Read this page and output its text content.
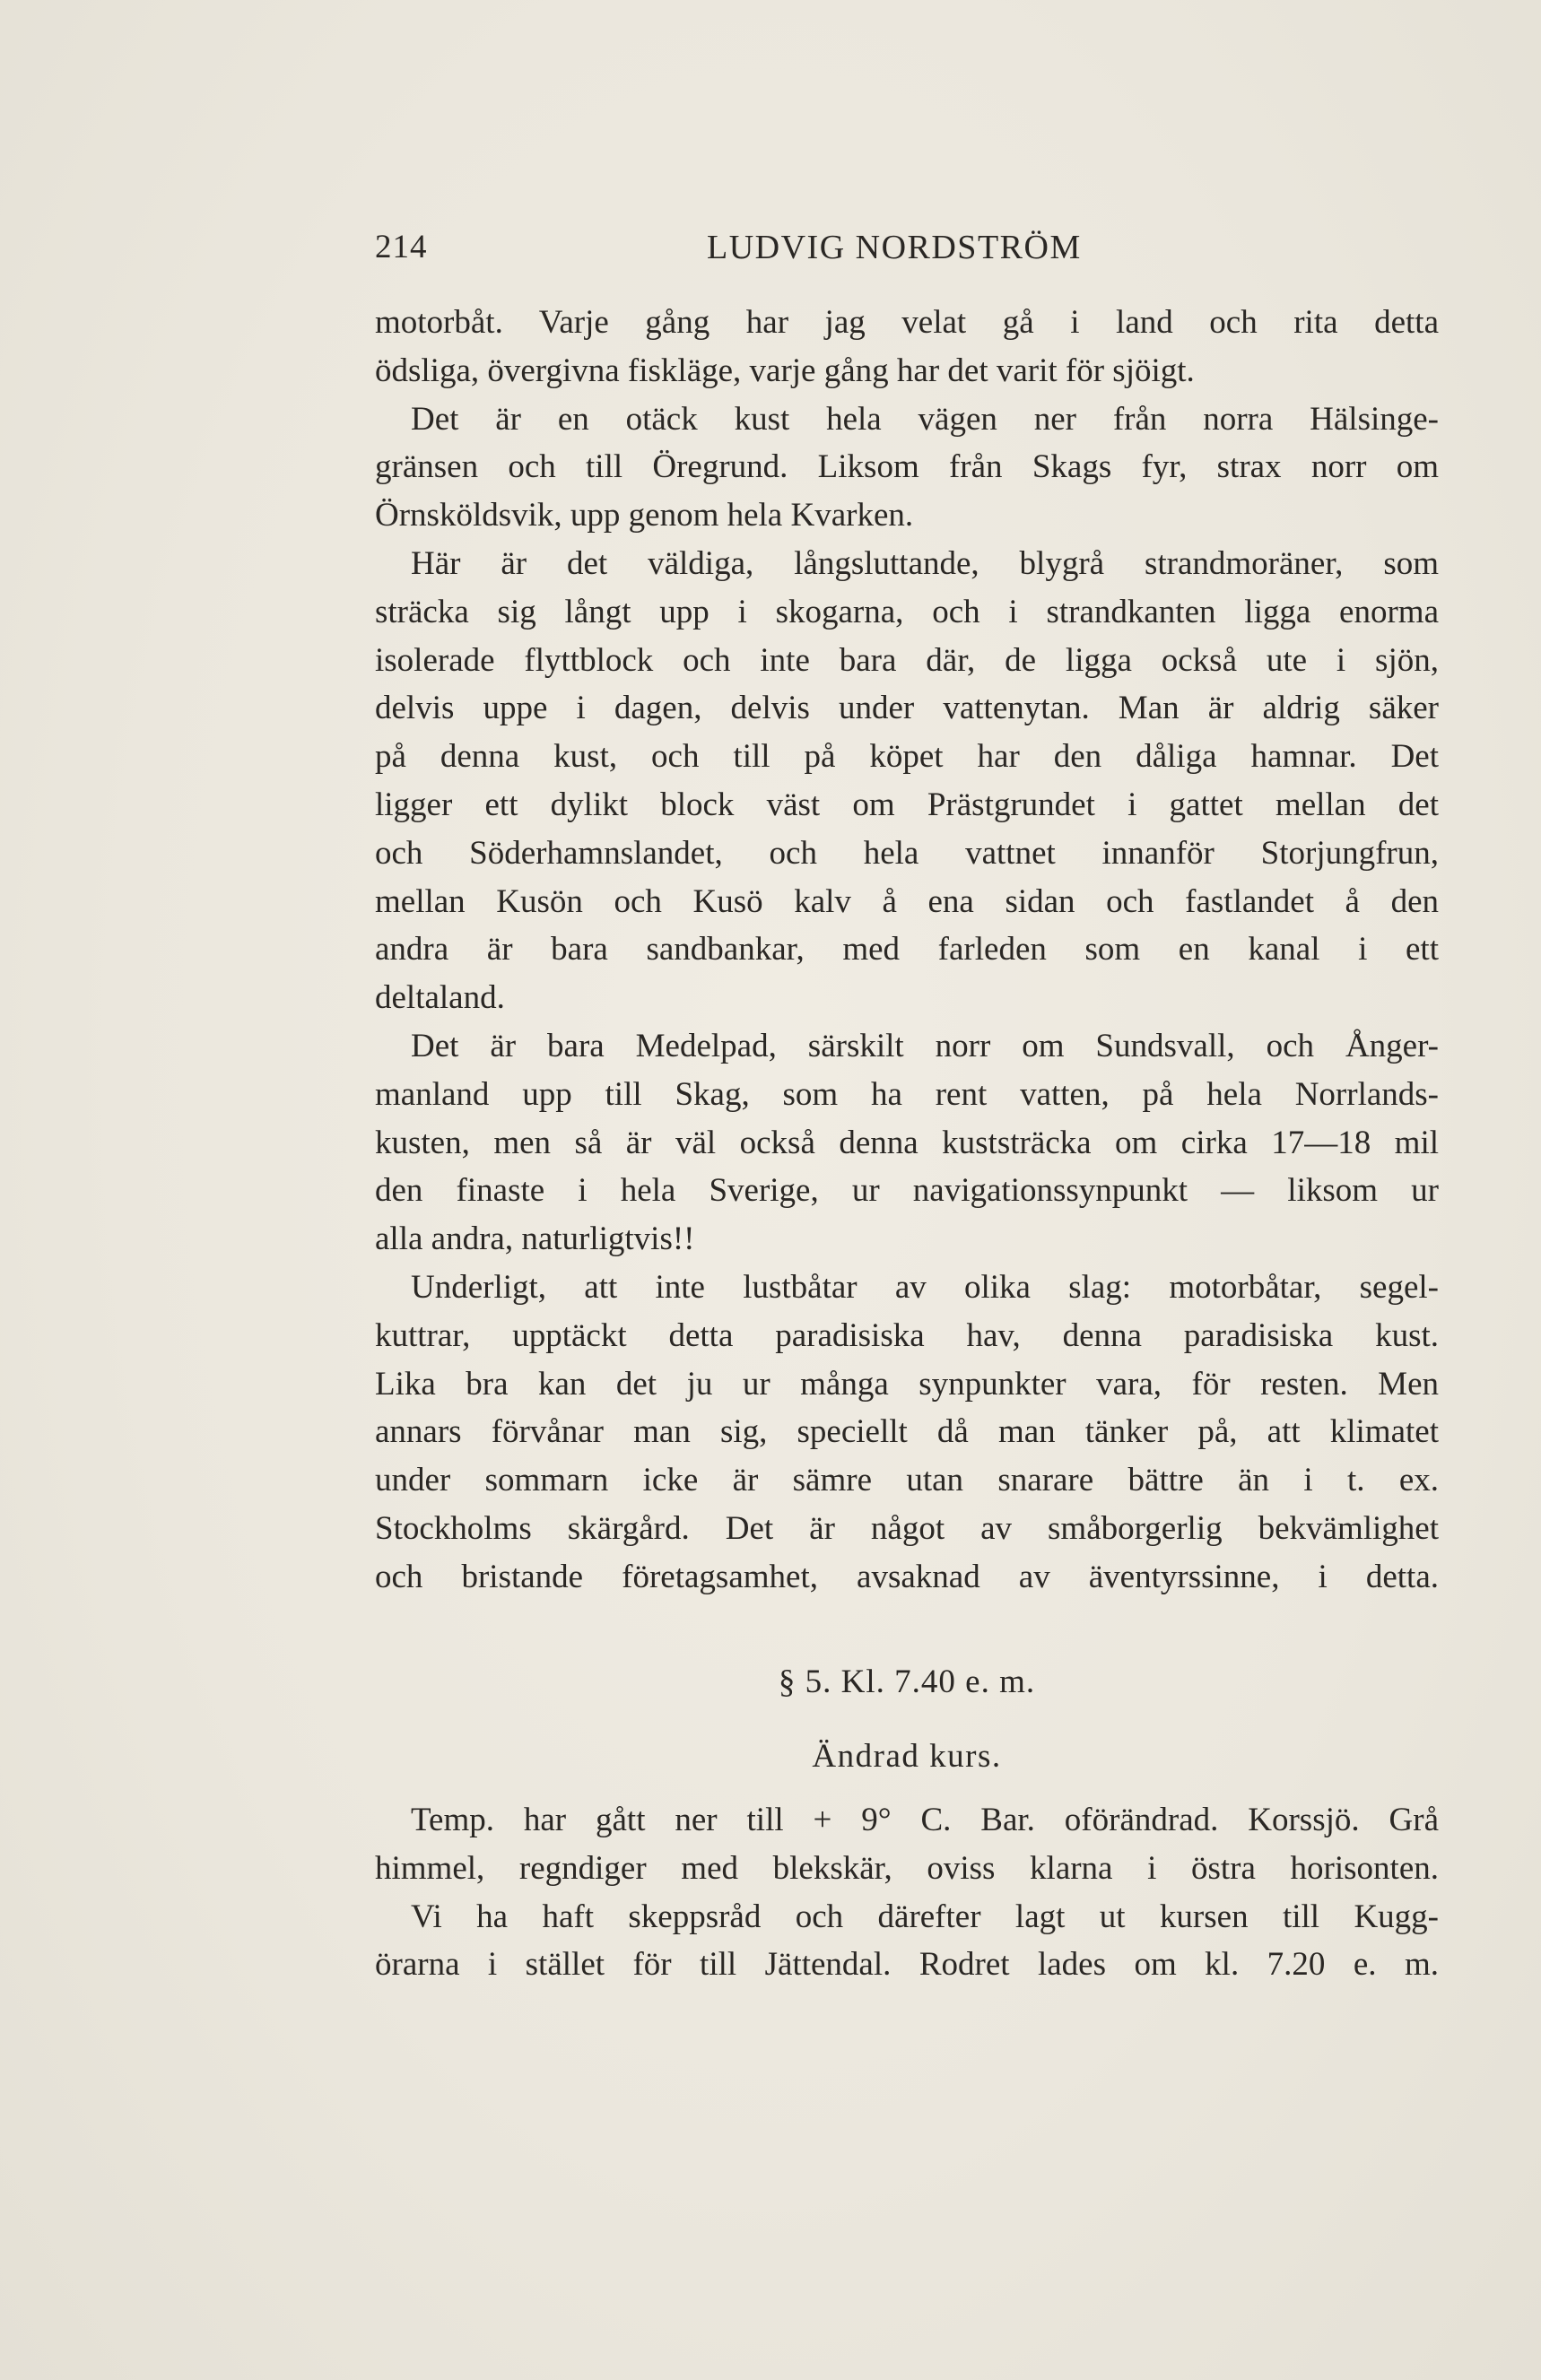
214	LUDVIG NORDSTRÖM

motorbåt. Varje gång har jag velat gå i land och rita detta
ödsliga, övergivna fiskläge, varje gång har det varit för sjöigt.

Det är en otäck kust hela vägen ner från norra Hälsinge-
gränsen och till Öregrund. Liksom från Skags fyr, strax norr om
Örnsköldsvik, upp genom hela Kvarken.

Här är det väldiga, långsluttande, blygrå strandmoräner, som
sträcka sig långt upp i skogarna, och i strandkanten ligga enorma
isolerade flyttblock och inte bara där, de ligga också ute i sjön,
delvis uppe i dagen, delvis under vattenytan. Man är aldrig säker
på denna kust, och till på köpet har den dåliga hamnar. Det
ligger ett dylikt block väst om Prästgrundet i gattet mellan det
och Söderhamnslandet, och hela vattnet innanför Storjungfrun,
mellan Kusön och Kusö kalv å ena sidan och fastlandet å den
andra är bara sandbankar, med farleden som en kanal i ett
deltaland.

Det är bara Medelpad, särskilt norr om Sundsvall, och Ånger-
manland upp till Skag, som ha rent vatten, på hela Norrlands-
kusten, men så är väl också denna kuststräcka om cirka 17—18 mil
den finaste i hela Sverige, ur navigationssynpunkt — liksom ur
alla andra, naturligtvis!!

Underligt, att inte lustbåtar av olika slag: motorbåtar, segel-
kuttrar, upptäckt detta paradisiska hav, denna paradisiska kust.
Lika bra kan det ju ur många synpunkter vara, för resten. Men
annars förvånar man sig, speciellt då man tänker på, att klimatet
under sommarn icke är sämre utan snarare bättre än i t. ex.
Stockholms skärgård. Det är något av småborgerlig bekvämlighet
och bristande företagsamhet, avsaknad av äventyrssinne, i detta.

§ 5. Kl. 7.40 e. m.
Ändrad kurs.

Temp. har gått ner till + 9° C. Bar. oförändrad. Korssjö. Grå
himmel, regndiger med blekskär, oviss klarna i östra horisonten.

Vi ha haft skeppsråd och därefter lagt ut kursen till Kugg-
örarna i stället för till Jättendal. Rodret lades om kl. 7.20 e. m.
